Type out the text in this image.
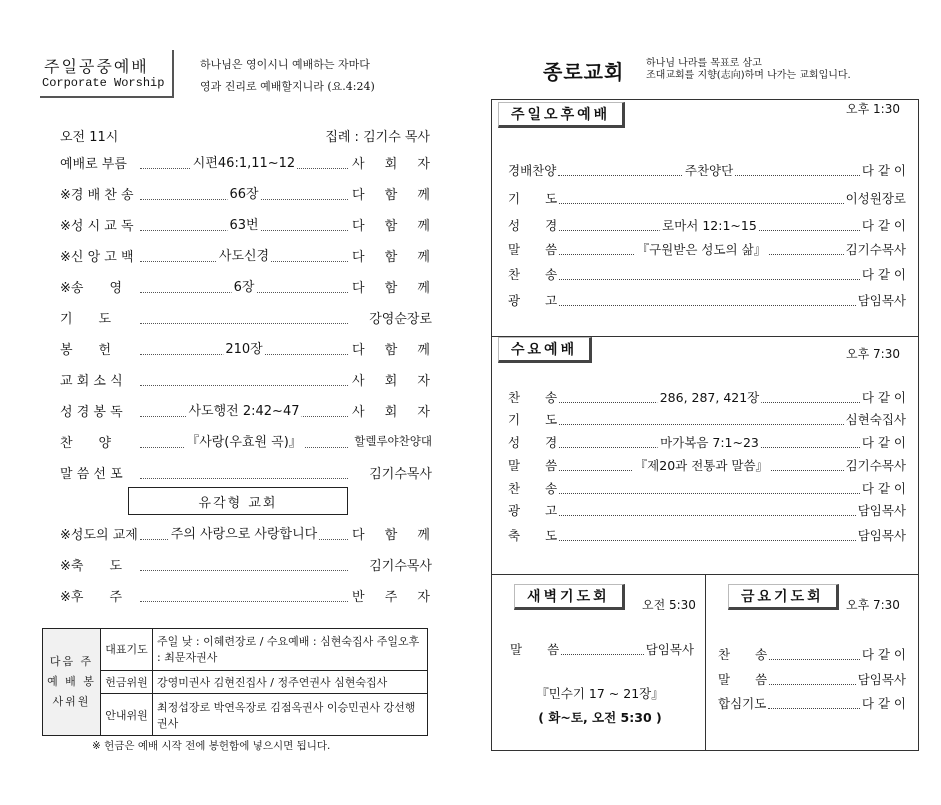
주일공중예배
Corporate Worship
하나님은 영이시니 예배하는 자마다
영과 진리로 예배할지니라 (요.4:24)
오전 11시	집례 : 김기수 목사
예배로 부름	시편46:1,11~12	사 회 자
※경 배 찬 송	66장	다 함 께
※성 시 교 독	63번	다 함 께
※신 앙 고 백	사도신경	다 함 께
※송　　영	6장	다 함 께
기　　도	강영순장로
봉　　헌	210장	다 함 께
교 회 소 식	사 회 자
성 경 봉 독	사도행전 2:42~47	사 회 자
찬　　양	『사랑(우효원 곡)』	할렐루야찬양대
말 씀 선 포	김기수목사
※성도의 교제	주의 사랑으로 사랑합니다	다 함 께
※축　　도	김기수목사
※후　　주	반 주 자
유각형 교회
다음 주 예 배 봉사위원	대표기도	주일 낮 : 이혜련장로 / 수요예배 : 심현숙집사 주일오후 : 최문자권사
	헌금위원	강영미권사 김현진집사 / 정주연권사 심현숙집사
	안내위원	최정섭장로 박연옥장로 김점옥권사 이승민권사 강선행권사
※ 헌금은 예배 시작 전에 봉헌함에 넣으시면 됩니다.
종로교회 하나님 나라를 목표로 삼고
조대교회를 지향(志向)하며 나가는 교회입니다.
주일오후예배	오후 1:30
경배찬양	주찬양단	다 같 이
기　　도	이성원장로
성　　경	로마서 12:1~15	다 같 이
말　　씀	『구원받은 성도의 삶』	김기수목사
찬　　송	다 같 이
광　　고	담임목사
수요예배	오후 7:30
찬　　송	286, 287, 421장	다 같 이
기　　도	심현숙집사
성　　경	마가복음 7:1~23	다 같 이
말　　씀	『제20과 전통과 말씀』	김기수목사
찬　　송	다 같 이
광　　고	담임목사
축　　도	담임목사
새벽기도회	오전 5:30
말　　씀	담임목사
『민수기 17 ~ 21장』
( 화~토, 오전 5:30 )
금요기도회	오후 7:30
찬　　송	다 같 이
말　　씀	담임목사
합심기도	다 같 이
